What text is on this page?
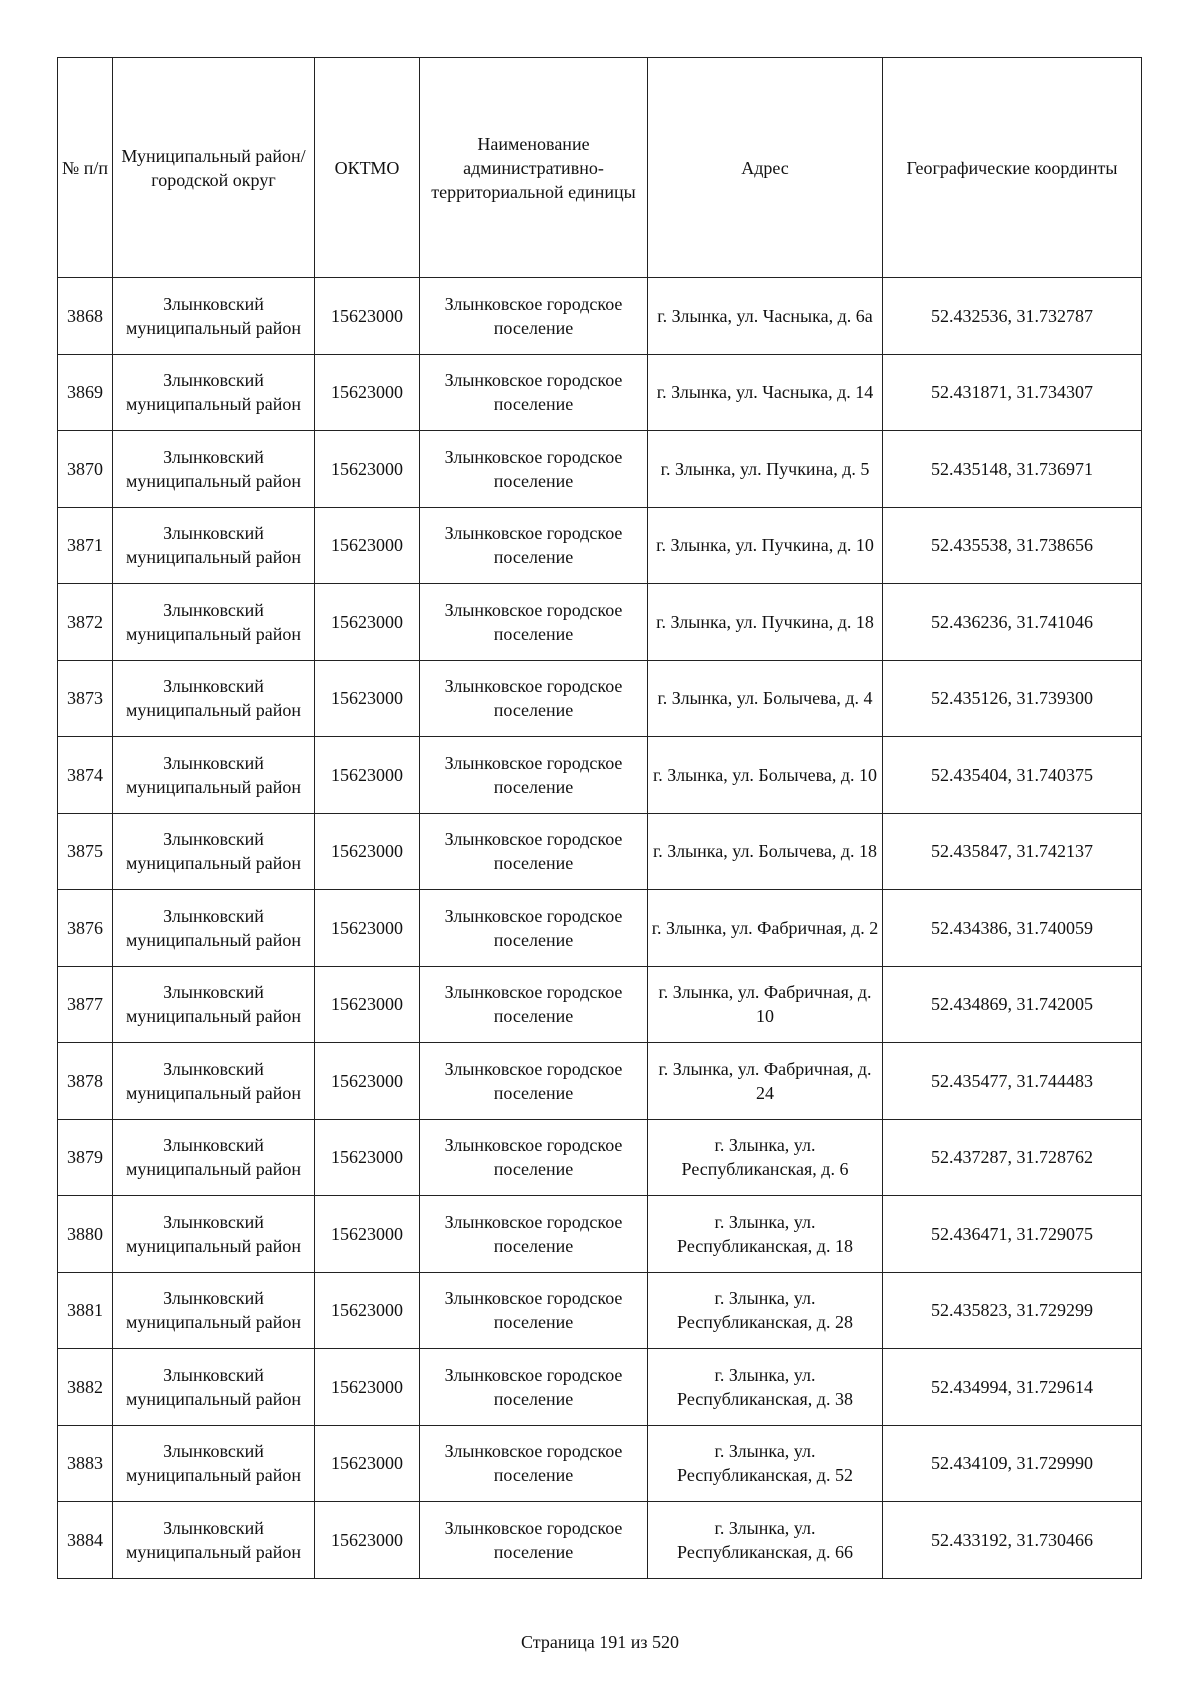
№ п/п	Муниципальный район/городской округ	ОКТМО	Наименование административно-территориальной единицы	Адрес	Географические координты
3868	Злынковский муниципальный район	15623000	Злынковское городское поселение	г. Злынка, ул. Часныка, д. 6а	52.432536, 31.732787
3869	Злынковский муниципальный район	15623000	Злынковское городское поселение	г. Злынка, ул. Часныка, д. 14	52.431871, 31.734307
3870	Злынковский муниципальный район	15623000	Злынковское городское поселение	г. Злынка, ул. Пучкина, д. 5	52.435148, 31.736971
3871	Злынковский муниципальный район	15623000	Злынковское городское поселение	г. Злынка, ул. Пучкина, д. 10	52.435538, 31.738656
3872	Злынковский муниципальный район	15623000	Злынковское городское поселение	г. Злынка, ул. Пучкина, д. 18	52.436236, 31.741046
3873	Злынковский муниципальный район	15623000	Злынковское городское поселение	г. Злынка, ул. Болычева, д. 4	52.435126, 31.739300
3874	Злынковский муниципальный район	15623000	Злынковское городское поселение	г. Злынка, ул. Болычева, д. 10	52.435404, 31.740375
3875	Злынковский муниципальный район	15623000	Злынковское городское поселение	г. Злынка, ул. Болычева, д. 18	52.435847, 31.742137
3876	Злынковский муниципальный район	15623000	Злынковское городское поселение	г. Злынка, ул. Фабричная, д. 2	52.434386, 31.740059
3877	Злынковский муниципальный район	15623000	Злынковское городское поселение	г. Злынка, ул. Фабричная, д. 10	52.434869, 31.742005
3878	Злынковский муниципальный район	15623000	Злынковское городское поселение	г. Злынка, ул. Фабричная, д. 24	52.435477, 31.744483
3879	Злынковский муниципальный район	15623000	Злынковское городское поселение	г. Злынка, ул. Республиканская, д. 6	52.437287, 31.728762
3880	Злынковский муниципальный район	15623000	Злынковское городское поселение	г. Злынка, ул. Республиканская, д. 18	52.436471, 31.729075
3881	Злынковский муниципальный район	15623000	Злынковское городское поселение	г. Злынка, ул. Республиканская, д. 28	52.435823, 31.729299
3882	Злынковский муниципальный район	15623000	Злынковское городское поселение	г. Злынка, ул. Республиканская, д. 38	52.434994, 31.729614
3883	Злынковский муниципальный район	15623000	Злынковское городское поселение	г. Злынка, ул. Республиканская, д. 52	52.434109, 31.729990
3884	Злынковский муниципальный район	15623000	Злынковское городское поселение	г. Злынка, ул. Республиканская, д. 66	52.433192, 31.730466
Страница 191 из 520
